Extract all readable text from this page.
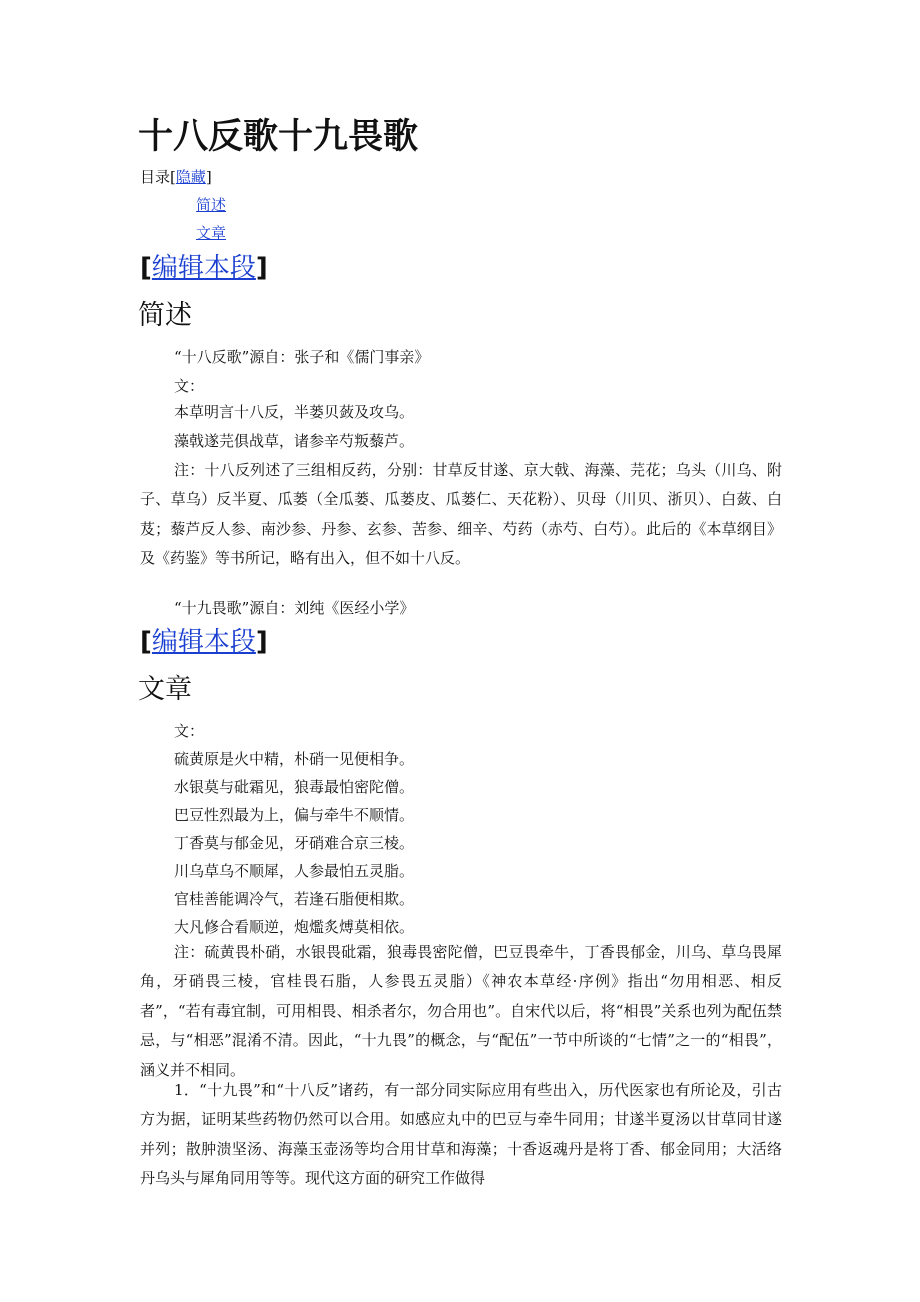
十八反歌十九畏歌
目录[隐藏]
简述
文章
[编辑本段]
简述
“十八反歌”源自：张子和《儒门事亲》
文：
本草明言十八反，半蒌贝蔹及攻乌。
藻戟遂芫俱战草，诸参辛芍叛藜芦。

注：十八反列述了三组相反药，分别：甘草反甘遂、京大戟、海藻、芫花；乌头（川乌、附子、草乌）反半夏、瓜蒌（全瓜蒌、瓜蒌皮、瓜蒌仁、天花粉）、贝母（川贝、浙贝）、白蔹、白芨；藜芦反人参、南沙参、丹参、玄参、苦参、细辛、芍药（赤芍、白芍）。此后的《本草纲目》及《药鉴》等书所记，略有出入，但不如十八反。

“十九畏歌”源自：刘纯《医经小学》
[编辑本段]
文章
文：
硫黄原是火中精，朴硝一见便相争。
水银莫与砒霜见，狼毒最怕密陀僧。
巴豆性烈最为上，偏与牵牛不顺情。
丁香莫与郁金见，牙硝难合京三棱。
川乌草乌不顺犀，人参最怕五灵脂。
官桂善能调冷气，若逢石脂便相欺。
大凡修合看顺逆，炮爁炙煿莫相依。

注：硫黄畏朴硝，水银畏砒霜，狼毒畏密陀僧，巴豆畏牵牛，丁香畏郁金，川乌、草乌畏犀角，牙硝畏三棱，官桂畏石脂，人参畏五灵脂）《神农本草经·序例》指出“勿用相恶、相反者”，“若有毒宜制，可用相畏、相杀者尔，勿合用也”。自宋代以后，将“相畏”关系也列为配伍禁忌，与“相恶”混淆不清。因此，“十九畏”的概念，与“配伍”一节中所谈的“七情”之一的“相畏”，涵义并不相同。

1．“十九畏”和“十八反”诸药，有一部分同实际应用有些出入，历代医家也有所论及，引古方为据，证明某些药物仍然可以合用。如感应丸中的巴豆与牵牛同用；甘遂半夏汤以甘草同甘遂并列；散肿溃坚汤、海藻玉壶汤等均合用甘草和海藻；十香返魂丹是将丁香、郁金同用；大活络丹乌头与犀角同用等等。现代这方面的研究工作做得
